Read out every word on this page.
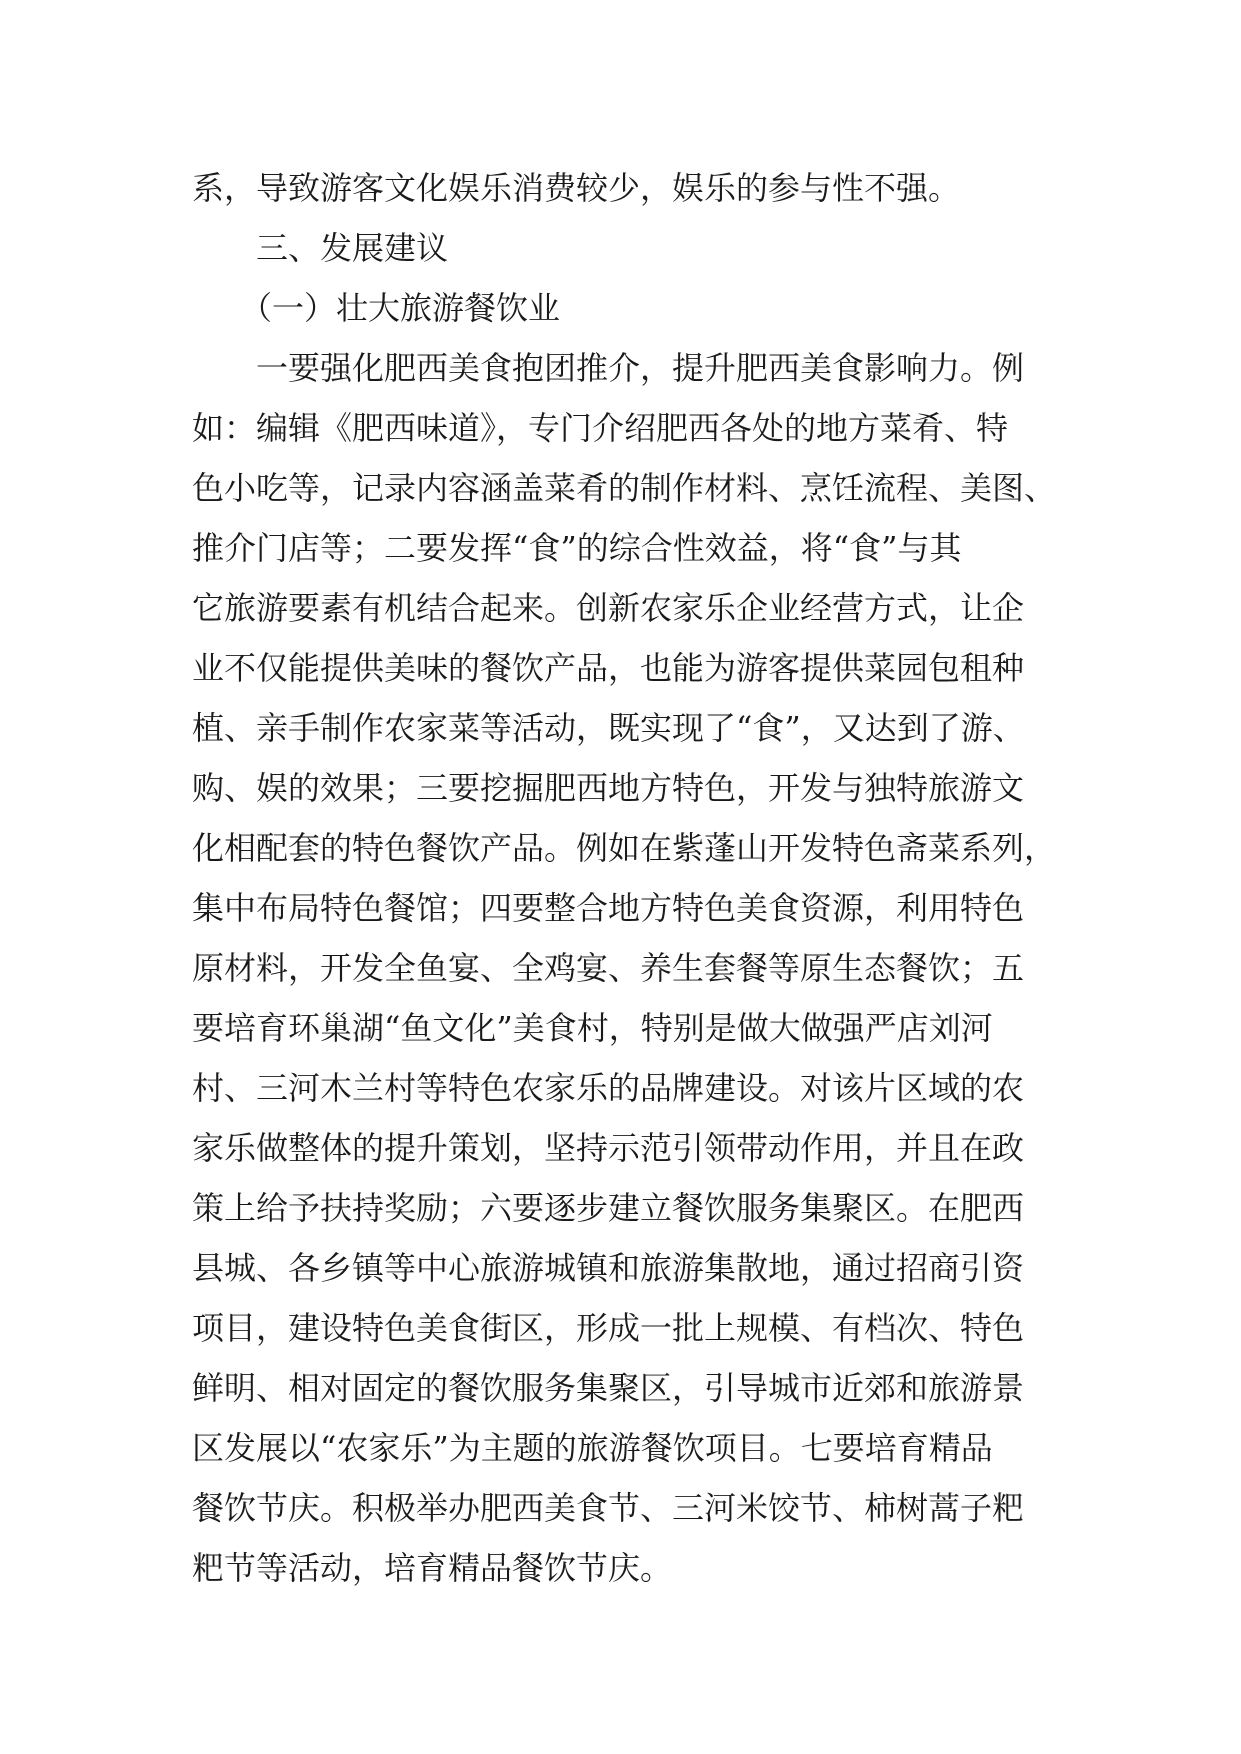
系，导致游客文化娱乐消费较少，娱乐的参与性不强。
　　三、发展建议
　　（一）壮大旅游餐饮业
　　一要强化肥西美食抱团推介，提升肥西美食影响力。例
如：编辑《肥西味道》，专门介绍肥西各处的地方菜肴、特
色小吃等，记录内容涵盖菜肴的制作材料、烹饪流程、美图、
推介门店等；二要发挥“食”的综合性效益，将“食”与其
它旅游要素有机结合起来。创新农家乐企业经营方式，让企
业不仅能提供美味的餐饮产品，也能为游客提供菜园包租种
植、亲手制作农家菜等活动，既实现了“食”，又达到了游、
购、娱的效果；三要挖掘肥西地方特色，开发与独特旅游文
化相配套的特色餐饮产品。例如在紫蓬山开发特色斋菜系列，
集中布局特色餐馆；四要整合地方特色美食资源，利用特色
原材料，开发全鱼宴、全鸡宴、养生套餐等原生态餐饮；五
要培育环巢湖“鱼文化”美食村，特别是做大做强严店刘河
村、三河木兰村等特色农家乐的品牌建设。对该片区域的农
家乐做整体的提升策划，坚持示范引领带动作用，并且在政
策上给予扶持奖励；六要逐步建立餐饮服务集聚区。在肥西
县城、各乡镇等中心旅游城镇和旅游集散地，通过招商引资
项目，建设特色美食街区，形成一批上规模、有档次、特色
鲜明、相对固定的餐饮服务集聚区，引导城市近郊和旅游景
区发展以“农家乐”为主题的旅游餐饮项目。七要培育精品
餐饮节庆。积极举办肥西美食节、三河米饺节、柿树蒿子粑
粑节等活动，培育精品餐饮节庆。
